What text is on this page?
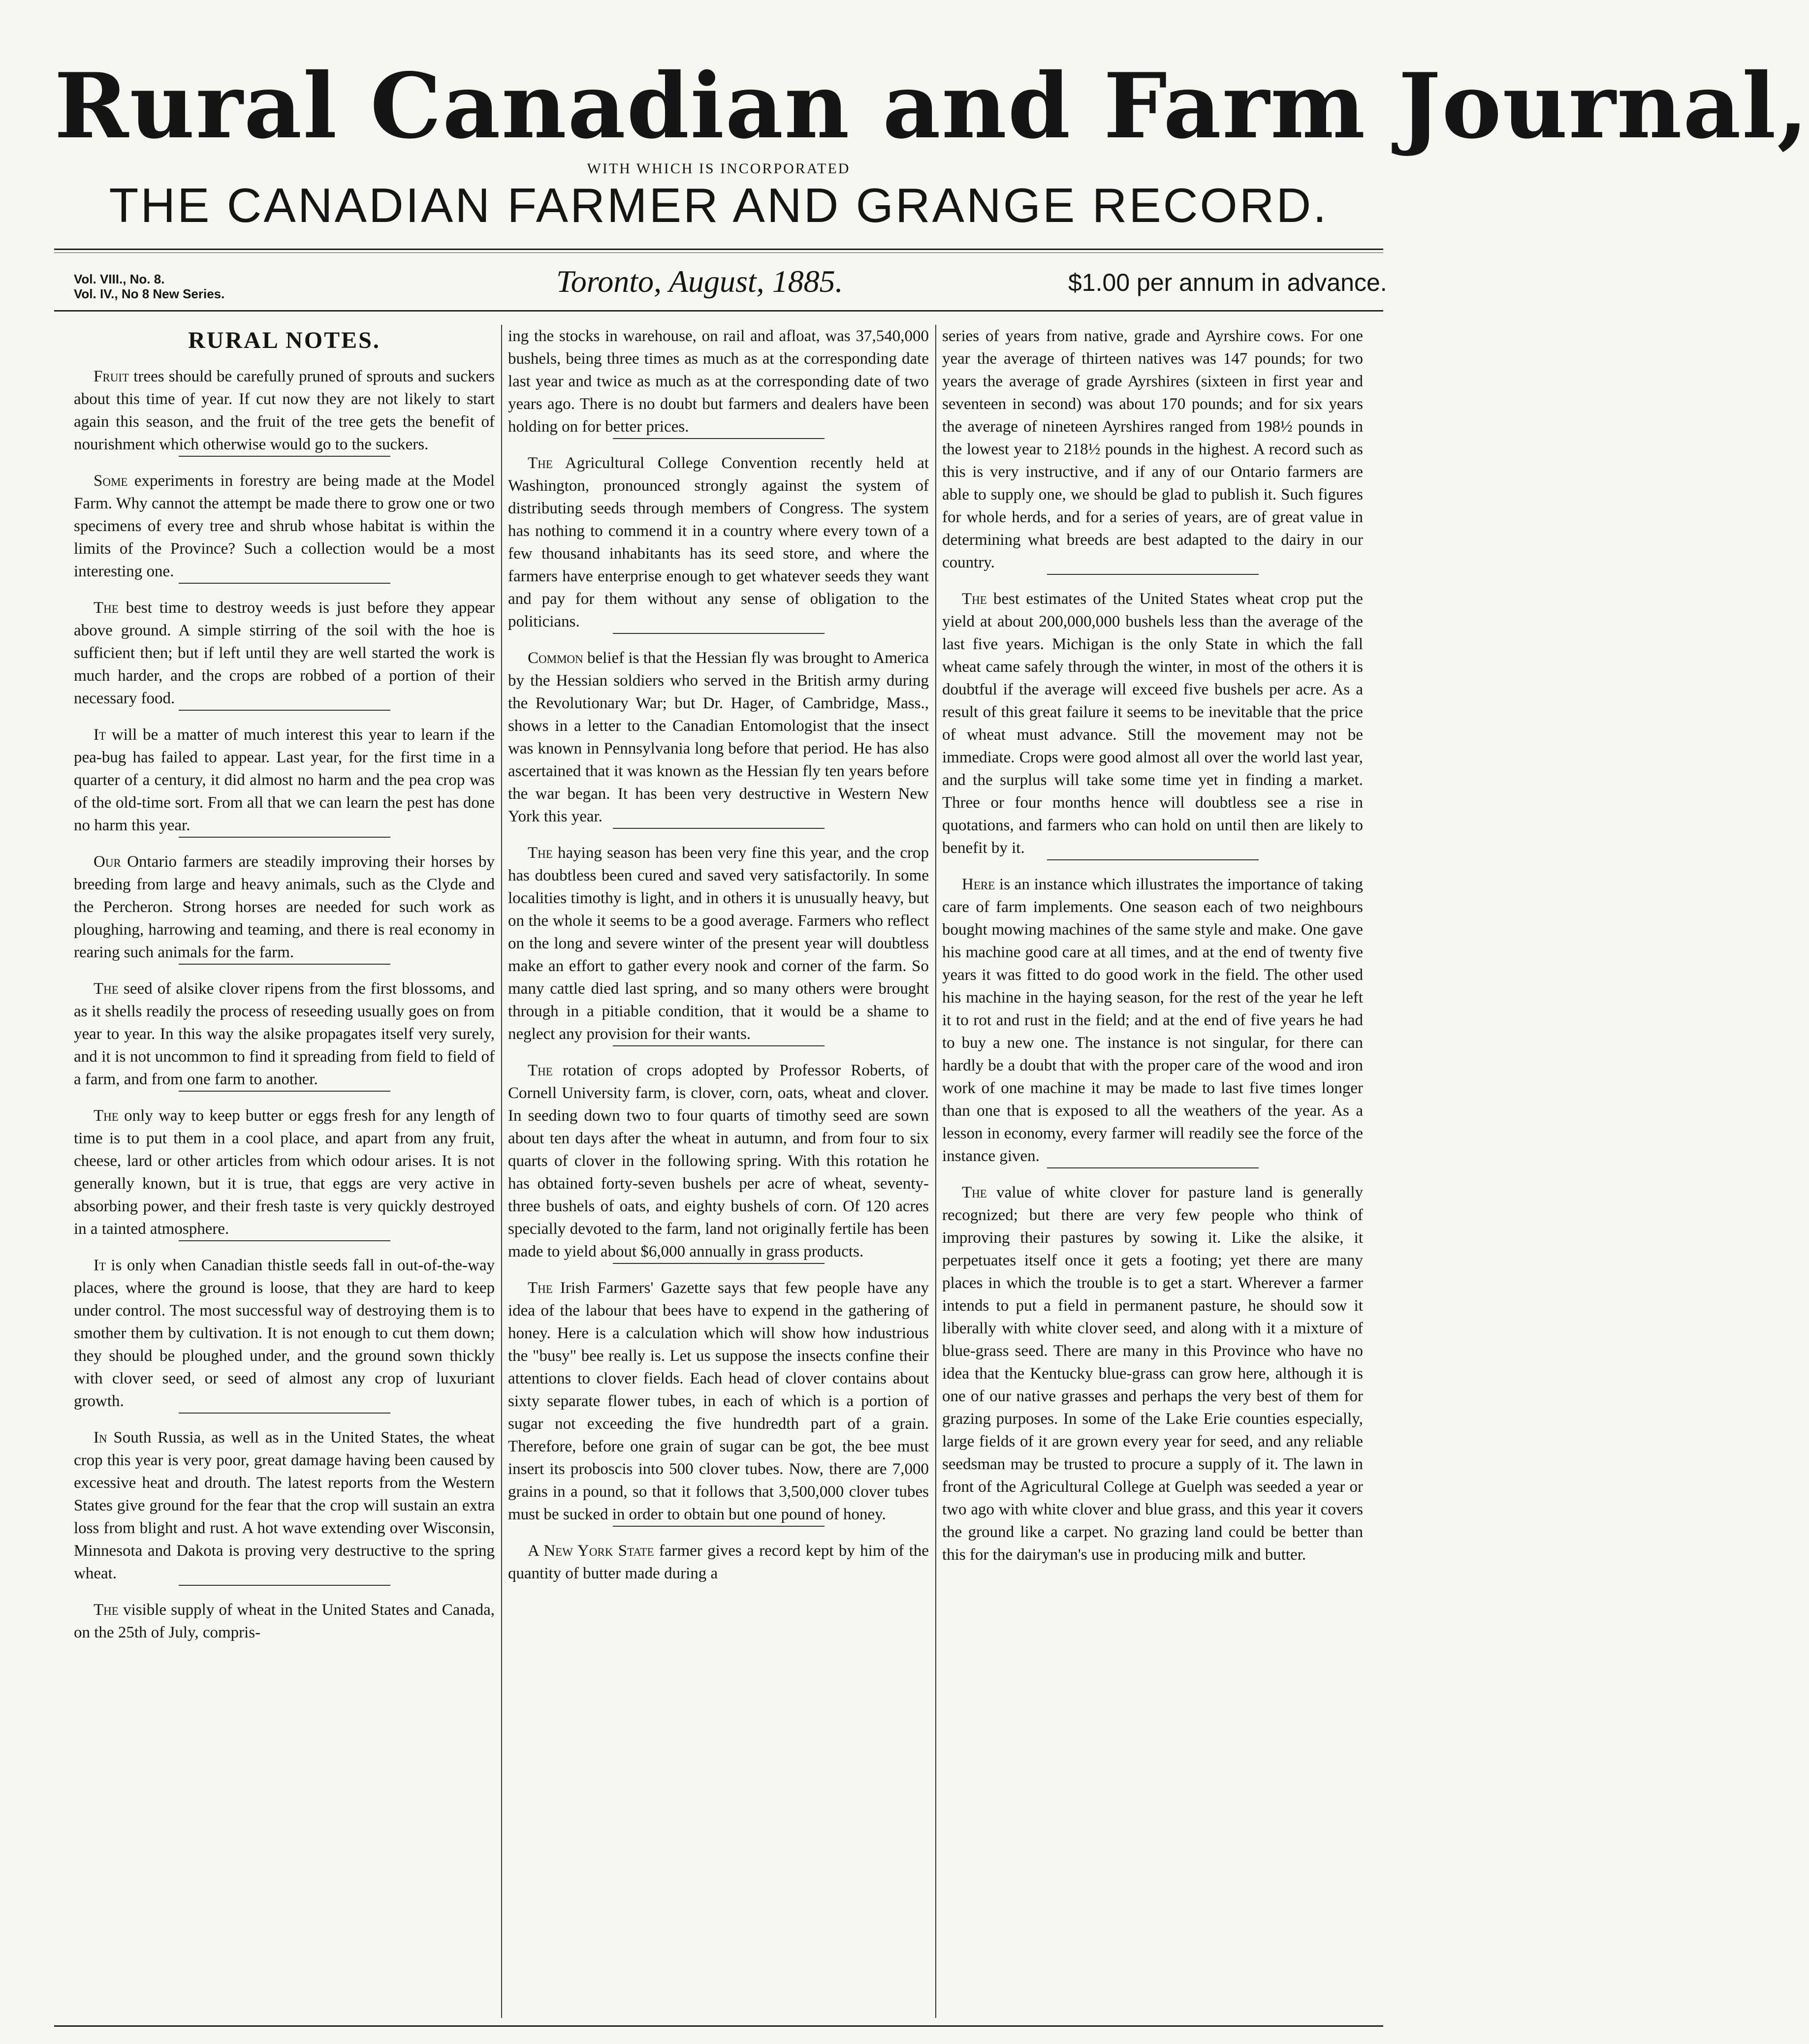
Rural Canadian and Farm Journal,
WITH WHICH IS INCORPORATED
THE CANADIAN FARMER AND GRANGE RECORD.
Vol. VIII., No. 8.
Vol. IV., No 8 New Series.	Toronto, August, 1885.	$1.00 per annum in advance.
RURAL NOTES.

Fruit trees should be carefully pruned of sprouts and suckers about this time of year. If cut now they are not likely to start again this season, and the fruit of the tree gets the benefit of nourishment which otherwise would go to the suckers.

Some experiments in forestry are being made at the Model Farm. Why cannot the attempt be made there to grow one or two specimens of every tree and shrub whose habitat is within the limits of the Province? Such a collection would be a most interesting one.

The best time to destroy weeds is just before they appear above ground. A simple stirring of the soil with the hoe is sufficient then; but if left until they are well started the work is much harder, and the crops are robbed of a portion of their necessary food.

It will be a matter of much interest this year to learn if the pea-bug has failed to appear. Last year, for the first time in a quarter of a century, it did almost no harm and the pea crop was of the old-time sort. From all that we can learn the pest has done no harm this year.

Our Ontario farmers are steadily improving their horses by breeding from large and heavy animals, such as the Clyde and the Percheron. Strong horses are needed for such work as ploughing, harrowing and teaming, and there is real economy in rearing such animals for the farm.

The seed of alsike clover ripens from the first blossoms, and as it shells readily the process of reseeding usually goes on from year to year. In this way the alsike propagates itself very surely, and it is not uncommon to find it spreading from field to field of a farm, and from one farm to another.

The only way to keep butter or eggs fresh for any length of time is to put them in a cool place, and apart from any fruit, cheese, lard or other articles from which odour arises. It is not generally known, but it is true, that eggs are very active in absorbing power, and their fresh taste is very quickly destroyed in a tainted atmosphere.

It is only when Canadian thistle seeds fall in out-of-the-way places, where the ground is loose, that they are hard to keep under control. The most successful way of destroying them is to smother them by cultivation. It is not enough to cut them down; they should be ploughed under, and the ground sown thickly with clover seed, or seed of almost any crop of luxuriant growth.

In South Russia, as well as in the United States, the wheat crop this year is very poor, great damage having been caused by excessive heat and drouth. The latest reports from the Western States give ground for the fear that the crop will sustain an extra loss from blight and rust. A hot wave extending over Wisconsin, Minnesota and Dakota is proving very destructive to the spring wheat.

The visible supply of wheat in the United States and Canada, on the 25th of July, compris-

ing the stocks in warehouse, on rail and afloat, was 37,540,000 bushels, being three times as much as at the corresponding date last year and twice as much as at the corresponding date of two years ago. There is no doubt but farmers and dealers have been holding on for better prices.

The Agricultural College Convention recently held at Washington, pronounced strongly against the system of distributing seeds through members of Congress. The system has nothing to commend it in a country where every town of a few thousand inhabitants has its seed store, and where the farmers have enterprise enough to get whatever seeds they want and pay for them without any sense of obligation to the politicians.

Common belief is that the Hessian fly was brought to America by the Hessian soldiers who served in the British army during the Revolutionary War; but Dr. Hager, of Cambridge, Mass., shows in a letter to the Canadian Entomologist that the insect was known in Pennsylvania long before that period. He has also ascertained that it was known as the Hessian fly ten years before the war began. It has been very destructive in Western New York this year.

The haying season has been very fine this year, and the crop has doubtless been cured and saved very satisfactorily. In some localities timothy is light, and in others it is unusually heavy, but on the whole it seems to be a good average. Farmers who reflect on the long and severe winter of the present year will doubtless make an effort to gather every nook and corner of the farm. So many cattle died last spring, and so many others were brought through in a pitiable condition, that it would be a shame to neglect any provision for their wants.

The rotation of crops adopted by Professor Roberts, of Cornell University farm, is clover, corn, oats, wheat and clover. In seeding down two to four quarts of timothy seed are sown about ten days after the wheat in autumn, and from four to six quarts of clover in the following spring. With this rotation he has obtained forty-seven bushels per acre of wheat, seventy-three bushels of oats, and eighty bushels of corn. Of 120 acres specially devoted to the farm, land not originally fertile has been made to yield about $6,000 annually in grass products.

The Irish Farmers' Gazette says that few people have any idea of the labour that bees have to expend in the gathering of honey. Here is a calculation which will show how industrious the "busy" bee really is. Let us suppose the insects confine their attentions to clover fields. Each head of clover contains about sixty separate flower tubes, in each of which is a portion of sugar not exceeding the five hundredth part of a grain. Therefore, before one grain of sugar can be got, the bee must insert its proboscis into 500 clover tubes. Now, there are 7,000 grains in a pound, so that it follows that 3,500,000 clover tubes must be sucked in order to obtain but one pound of honey.

A New York State farmer gives a record kept by him of the quantity of butter made during a

series of years from native, grade and Ayrshire cows. For one year the average of thirteen natives was 147 pounds; for two years the average of grade Ayrshires (sixteen in first year and seventeen in second) was about 170 pounds; and for six years the average of nineteen Ayrshires ranged from 198½ pounds in the lowest year to 218½ pounds in the highest. A record such as this is very instructive, and if any of our Ontario farmers are able to supply one, we should be glad to publish it. Such figures for whole herds, and for a series of years, are of great value in determining what breeds are best adapted to the dairy in our country.

The best estimates of the United States wheat crop put the yield at about 200,000,000 bushels less than the average of the last five years. Michigan is the only State in which the fall wheat came safely through the winter, in most of the others it is doubtful if the average will exceed five bushels per acre. As a result of this great failure it seems to be inevitable that the price of wheat must advance. Still the movement may not be immediate. Crops were good almost all over the world last year, and the surplus will take some time yet in finding a market. Three or four months hence will doubtless see a rise in quotations, and farmers who can hold on until then are likely to benefit by it.

Here is an instance which illustrates the importance of taking care of farm implements. One season each of two neighbours bought mowing machines of the same style and make. One gave his machine good care at all times, and at the end of twenty five years it was fitted to do good work in the field. The other used his machine in the haying season, for the rest of the year he left it to rot and rust in the field; and at the end of five years he had to buy a new one. The instance is not singular, for there can hardly be a doubt that with the proper care of the wood and iron work of one machine it may be made to last five times longer than one that is exposed to all the weathers of the year. As a lesson in economy, every farmer will readily see the force of the instance given.

The value of white clover for pasture land is generally recognized; but there are very few people who think of improving their pastures by sowing it. Like the alsike, it perpetuates itself once it gets a footing; yet there are many places in which the trouble is to get a start. Wherever a farmer intends to put a field in permanent pasture, he should sow it liberally with white clover seed, and along with it a mixture of blue-grass seed. There are many in this Province who have no idea that the Kentucky blue-grass can grow here, although it is one of our native grasses and perhaps the very best of them for grazing purposes. In some of the Lake Erie counties especially, large fields of it are grown every year for seed, and any reliable seedsman may be trusted to procure a supply of it. The lawn in front of the Agricultural College at Guelph was seeded a year or two ago with white clover and blue grass, and this year it covers the ground like a carpet. No grazing land could be better than this for the dairyman's use in producing milk and butter.
